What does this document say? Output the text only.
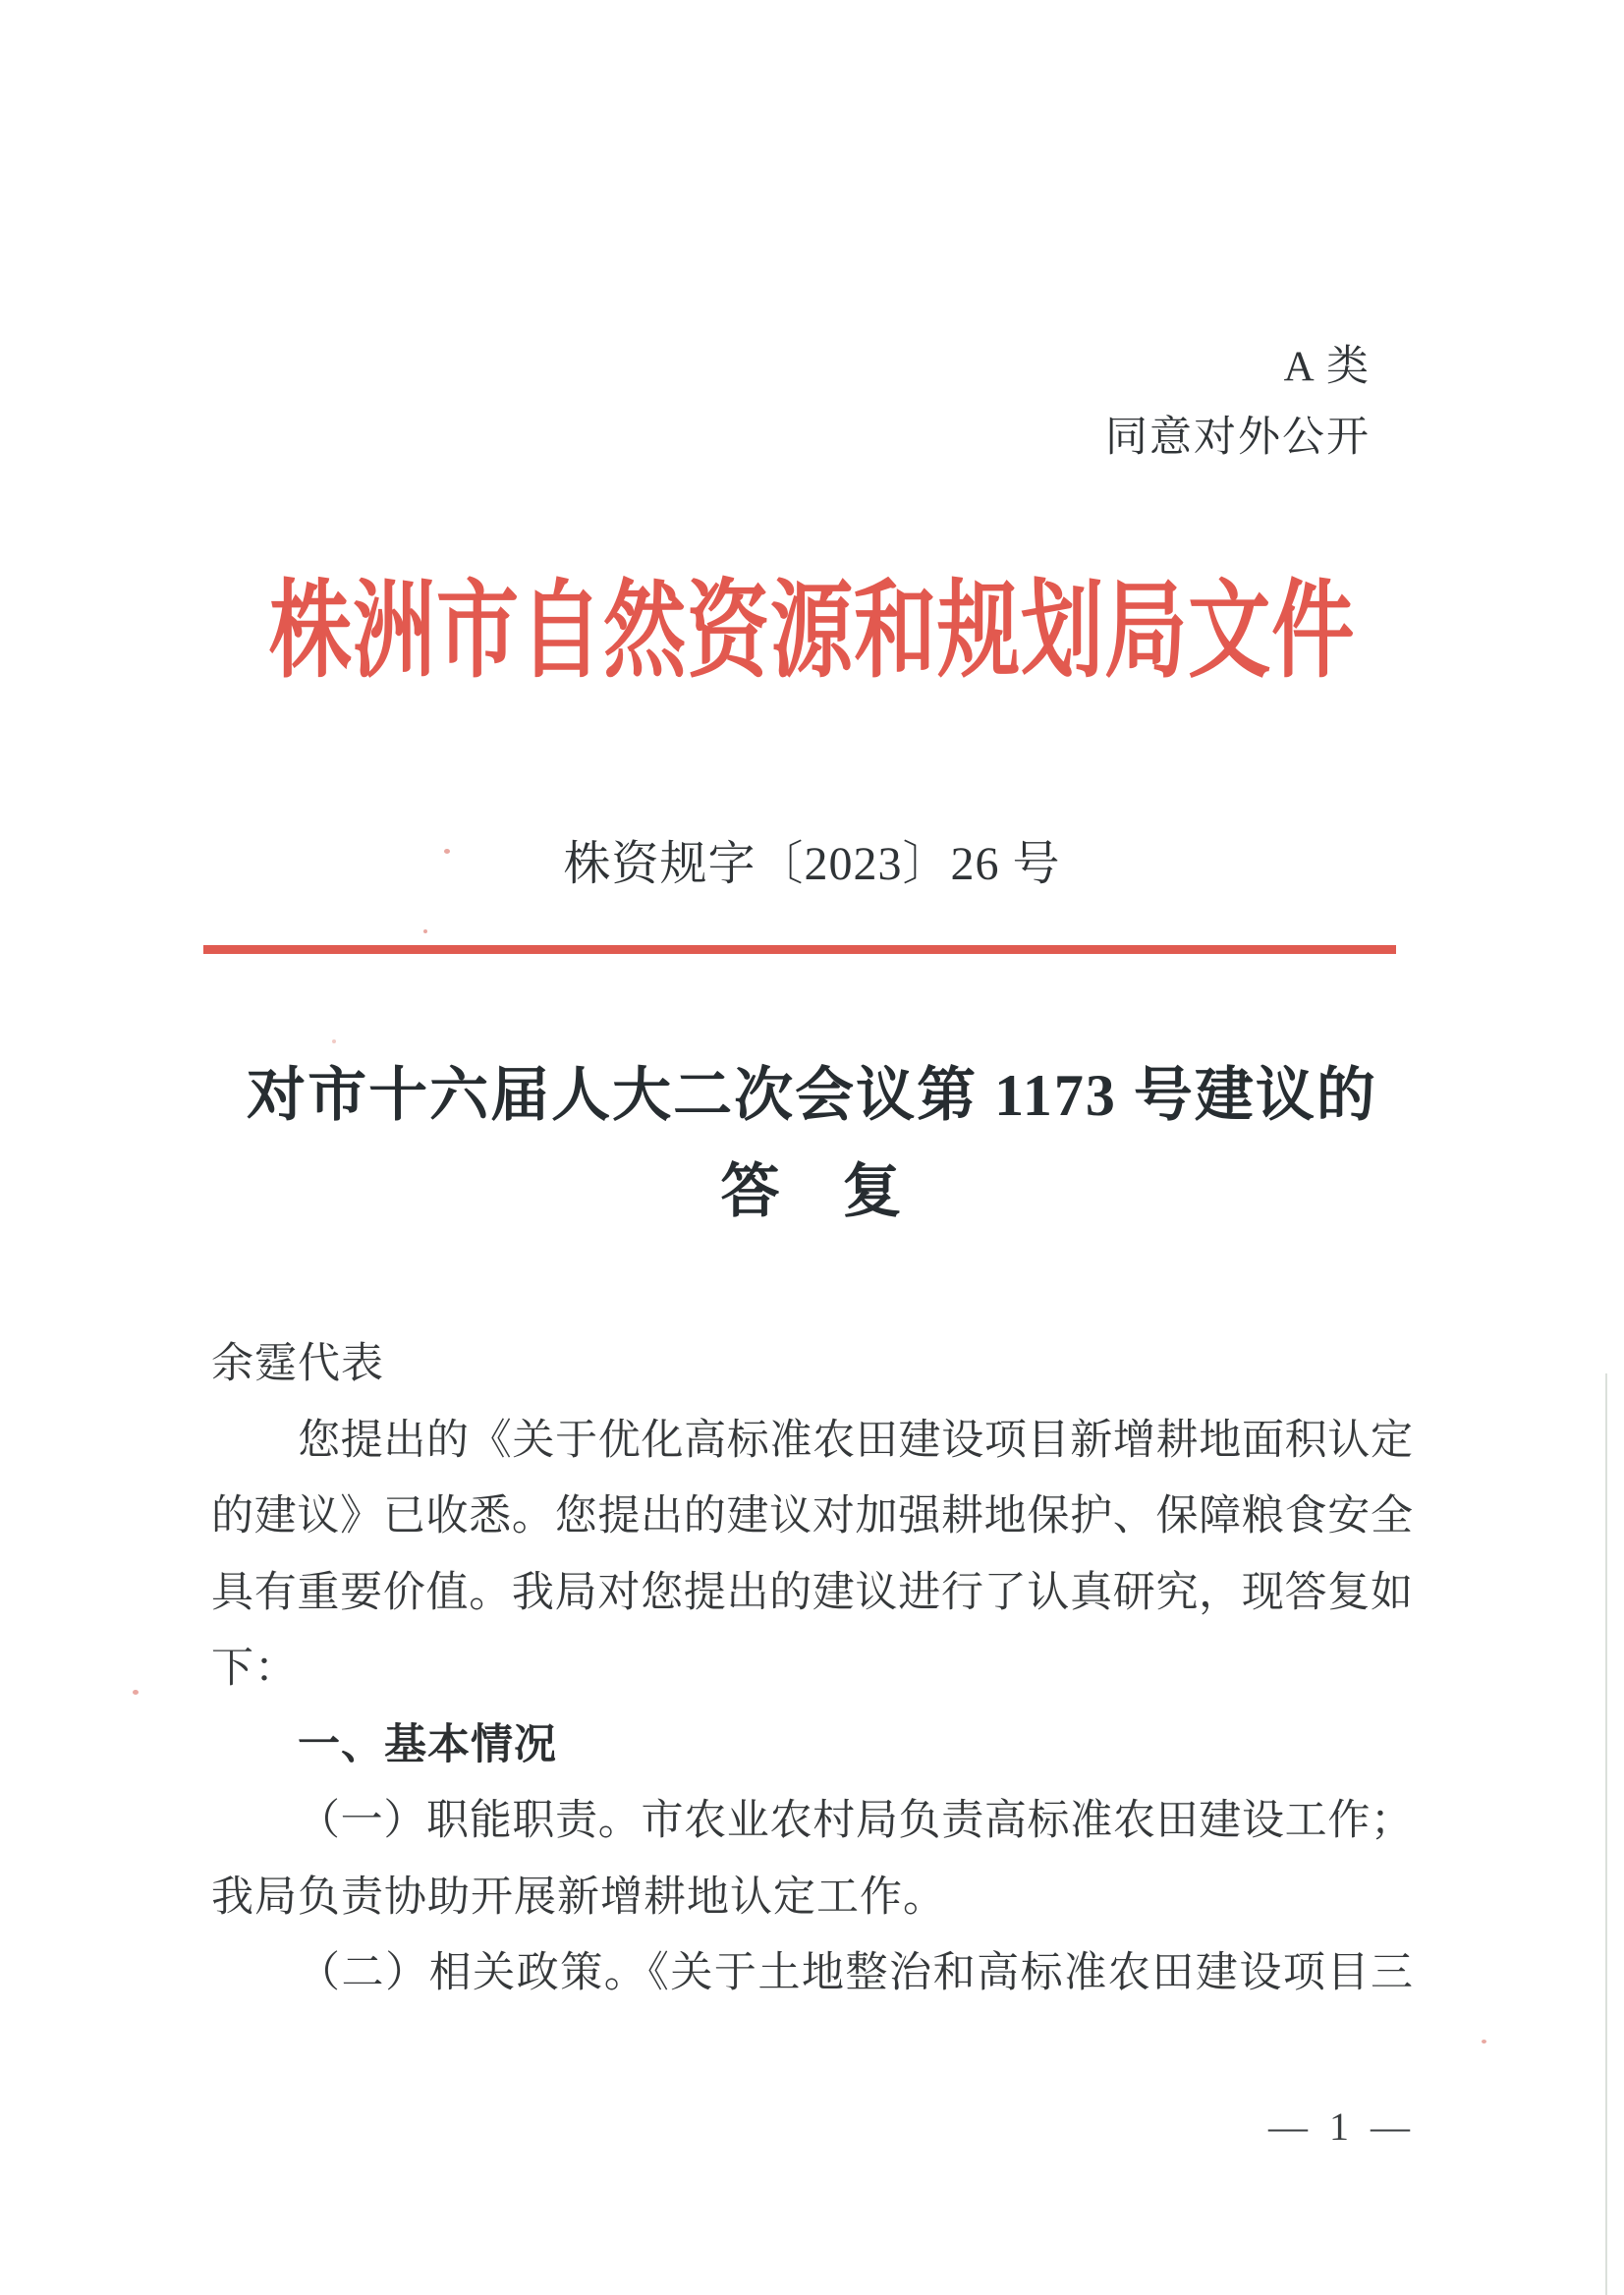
A 类
同意对外公开
株洲市自然资源和规划局文件
株资规字〔2023〕26 号
对市十六届人大二次会议第 1173 号建议的
答　复
余霆代表
您提出的《关于优化高标准农田建设项目新增耕地面积认定
的建议》已收悉。您提出的建议对加强耕地保护、保障粮食安全
具有重要价值。我局对您提出的建议进行了认真研究，现答复如
下：
一、基本情况
（一）职能职责。市农业农村局负责高标准农田建设工作；
我局负责协助开展新增耕地认定工作。
（二）相关政策。《关于土地整治和高标准农田建设项目三
— 1 —
